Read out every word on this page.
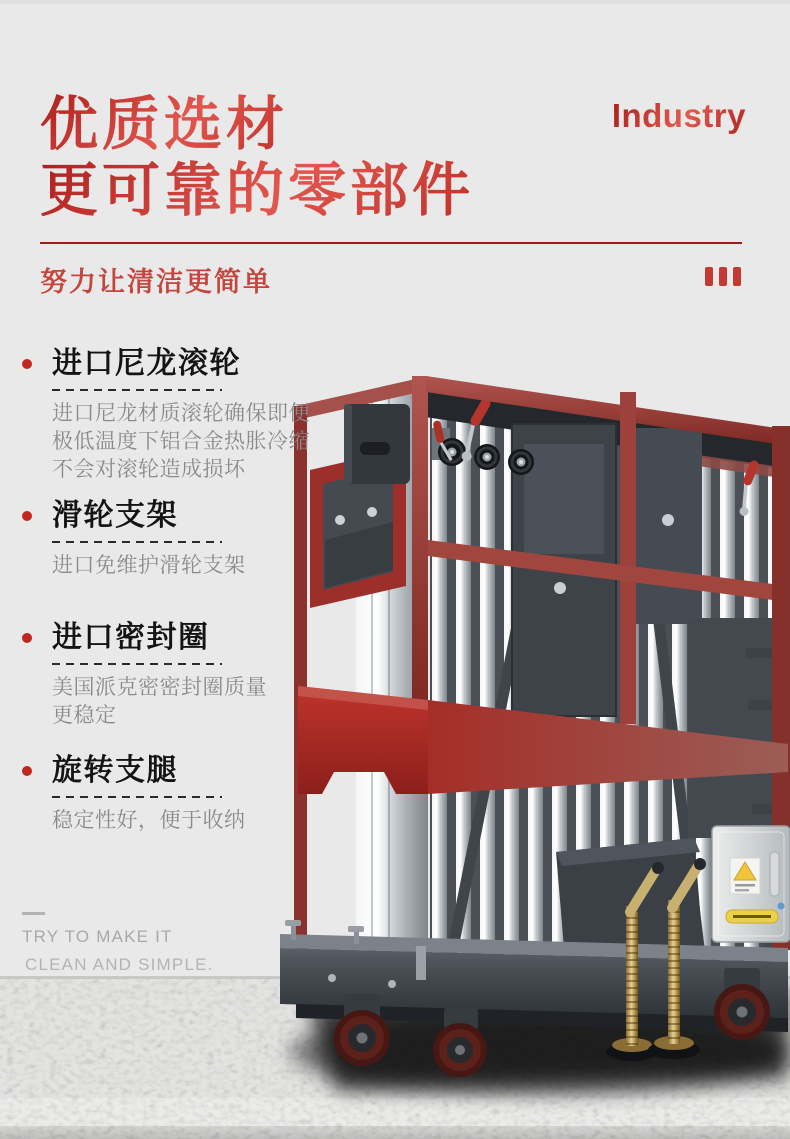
Industry
优质选材
更可靠的零部件
努力让清洁更简单
进口尼龙滚轮
进口尼龙材质滚轮确保即便
极低温度下铝合金热胀冷缩
不会对滚轮造成损坏
滑轮支架
进口免维护滑轮支架
进口密封圈
美国派克密密封圈质量
更稳定
旋转支腿
稳定性好，便于收纳
TRY TO MAKE IT
CLEAN AND SIMPLE.
